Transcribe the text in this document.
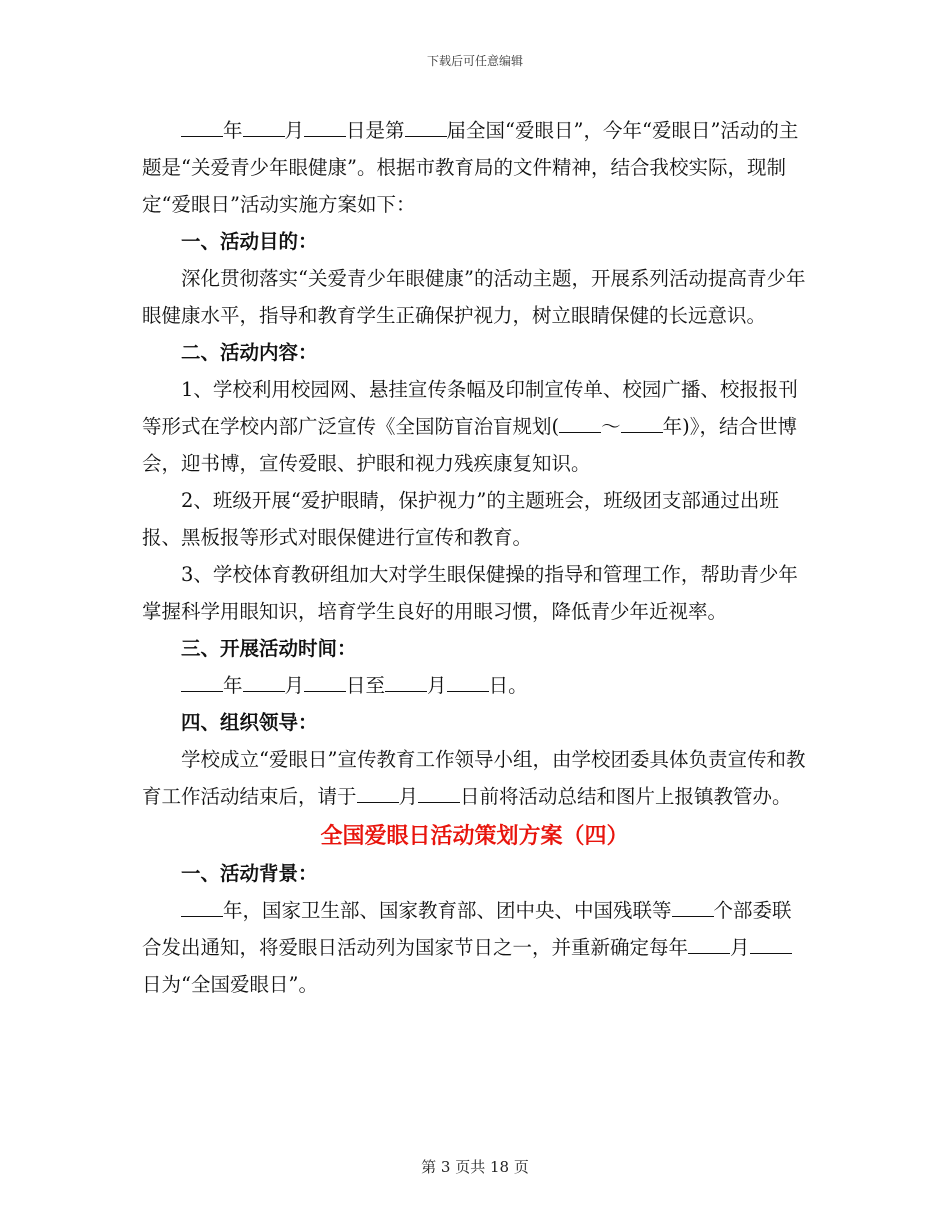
下载后可任意编辑

年 月 日是第 届全国“爱眼日”，今年“爱眼日”活动的主题是“关爱青少年眼健康”。根据市教育局的文件精神，结合我校实际，现制定“爱眼日”活动实施方案如下：

一、活动目的：

深化贯彻落实“关爱青少年眼健康”的活动主题，开展系列活动提高青少年眼健康水平，指导和教育学生正确保护视力，树立眼睛保健的长远意识。

二、活动内容：

1、学校利用校园网、悬挂宣传条幅及印制宣传单、校园广播、校报报刊等形式在学校内部广泛宣传《全国防盲治盲规划( ～ 年)》，结合世博会，迎书博，宣传爱眼、护眼和视力残疾康复知识。

2、班级开展“爱护眼睛，保护视力”的主题班会，班级团支部通过出班报、黑板报等形式对眼保健进行宣传和教育。

3、学校体育教研组加大对学生眼保健操的指导和管理工作，帮助青少年掌握科学用眼知识，培育学生良好的用眼习惯，降低青少年近视率。

三、开展活动时间：

年 月 日至 月 日。

四、组织领导：

学校成立“爱眼日”宣传教育工作领导小组，由学校团委具体负责宣传和教育工作活动结束后，请于 月 日前将活动总结和图片上报镇教管办。

全国爱眼日活动策划方案（四）

一、活动背景：

年，国家卫生部、国家教育部、团中央、中国残联等 个部委联合发出通知，将爱眼日活动列为国家节日之一，并重新确定每年 月日为“全国爱眼日”。

第 3 页共 18 页
